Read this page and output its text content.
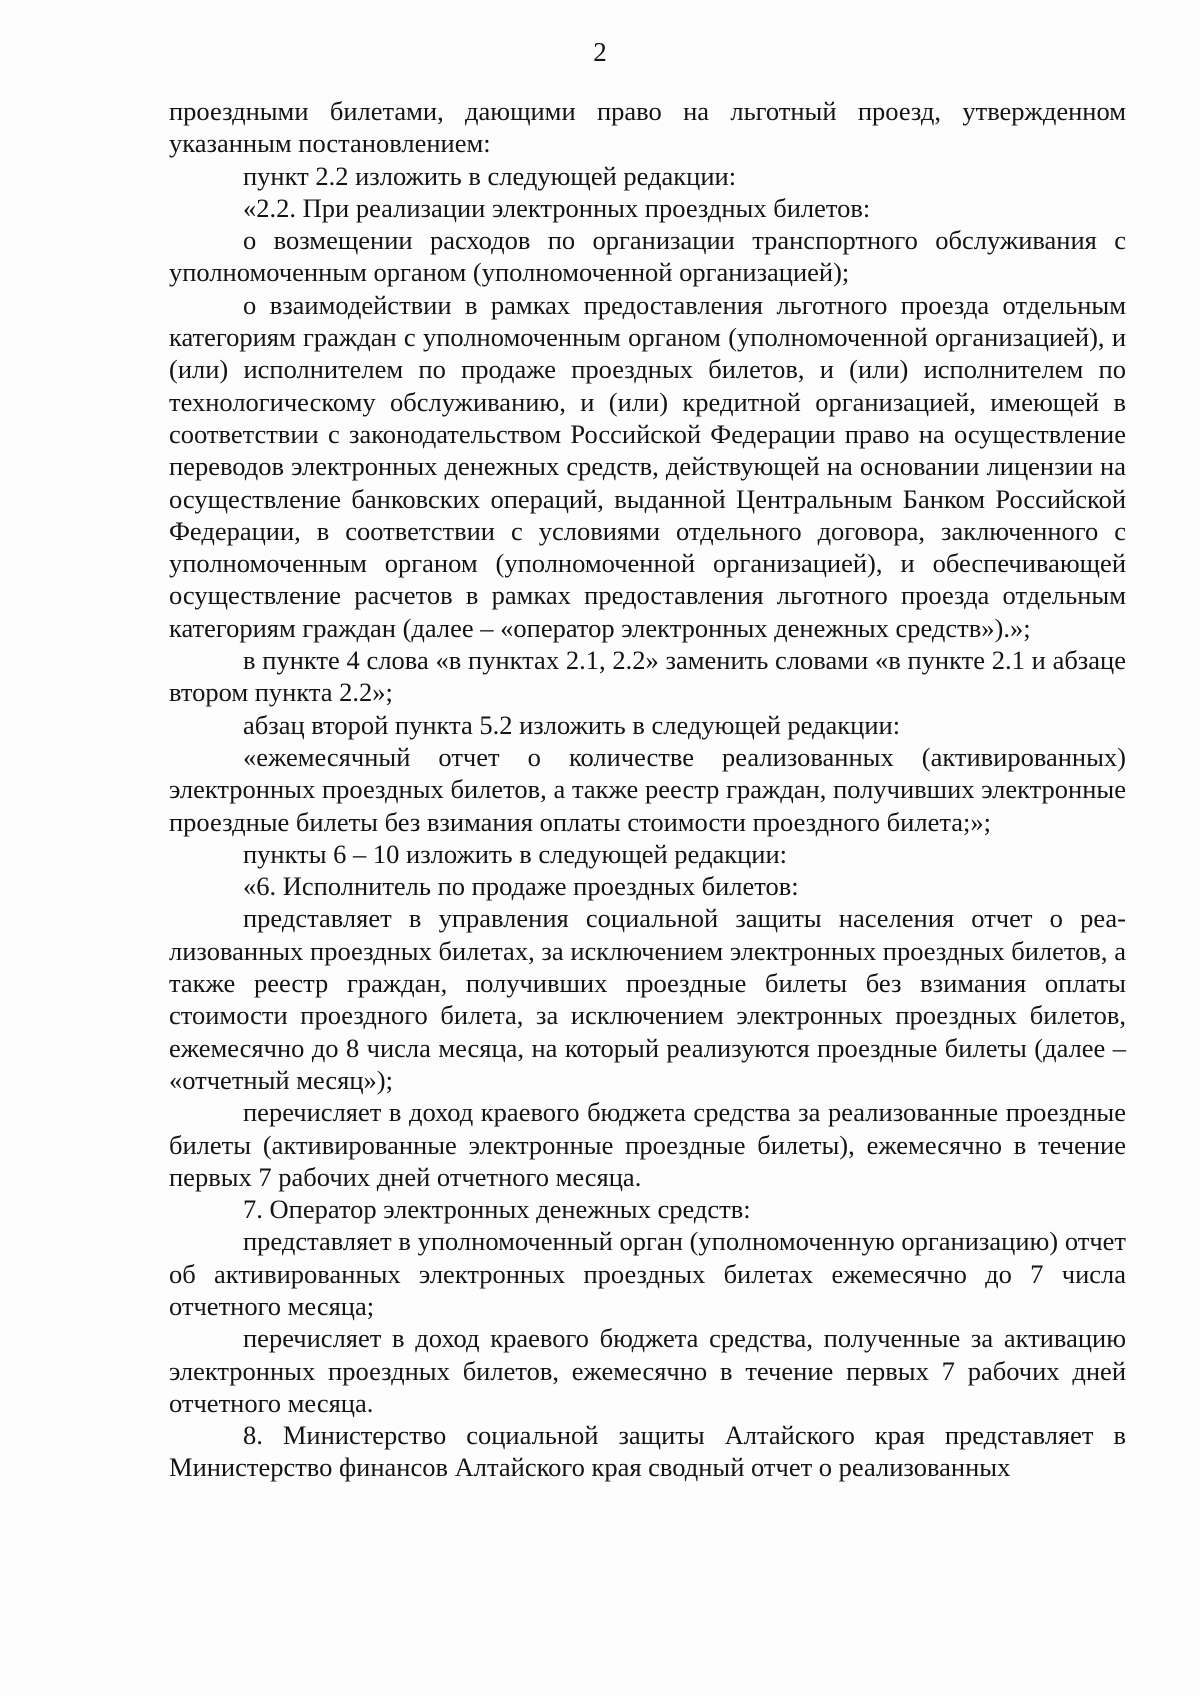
2

проездными билетами, дающими право на льготный проезд, утвержденном указанным постановлением:

пункт 2.2 изложить в следующей редакции:

«2.2. При реализации электронных проездных билетов:

о возмещении расходов по организации транспортного обслуживания с уполномоченным органом (уполномоченной организацией);

о взаимодействии в рамках предоставления льготного проезда отдельным категориям граждан с уполномоченным органом (уполномоченной организацией), и (или) исполнителем по продаже проездных билетов, и (или) исполнителем по технологическому обслуживанию, и (или) кредитной организацией, имеющей в соответствии с законодательством Российской Федерации право на осуществление переводов электронных денежных средств, действующей на основании лицензии на осуществление банковских операций, выданной Центральным Банком Российской Федерации, в соответствии с условиями отдельного договора, заключенного с уполномоченным органом (уполномоченной организацией), и обеспечивающей осуществление расчетов в рамках предоставления льготного проезда отдельным категориям граждан (далее – «оператор электронных денежных средств»).»;

в пункте 4 слова «в пунктах 2.1, 2.2» заменить словами «в пункте 2.1 и абзаце втором пункта 2.2»;

абзац второй пункта 5.2 изложить в следующей редакции:

«ежемесячный отчет о количестве реализованных (активированных) электронных проездных билетов, а также реестр граждан, получивших электронные проездные билеты без взимания оплаты стоимости проездного билета;»;

пункты 6 – 10 изложить в следующей редакции:

«6. Исполнитель по продаже проездных билетов:

представляет в управления социальной защиты населения отчет о реализованных проездных билетах, за исключением электронных проездных билетов, а также реестр граждан, получивших проездные билеты без взимания оплаты стоимости проездного билета, за исключением электронных проездных билетов, ежемесячно до 8 числа месяца, на который реализуются проездные билеты (далее – «отчетный месяц»);

перечисляет в доход краевого бюджета средства за реализованные проездные билеты (активированные электронные проездные билеты), ежемесячно в течение первых 7 рабочих дней отчетного месяца.

7. Оператор электронных денежных средств:

представляет в уполномоченный орган (уполномоченную организацию) отчет об активированных электронных проездных билетах ежемесячно до 7 числа отчетного месяца;

перечисляет в доход краевого бюджета средства, полученные за активацию электронных проездных билетов, ежемесячно в течение первых 7 рабочих дней отчетного месяца.

8. Министерство социальной защиты Алтайского края представляет в Министерство финансов Алтайского края сводный отчет о реализованных
